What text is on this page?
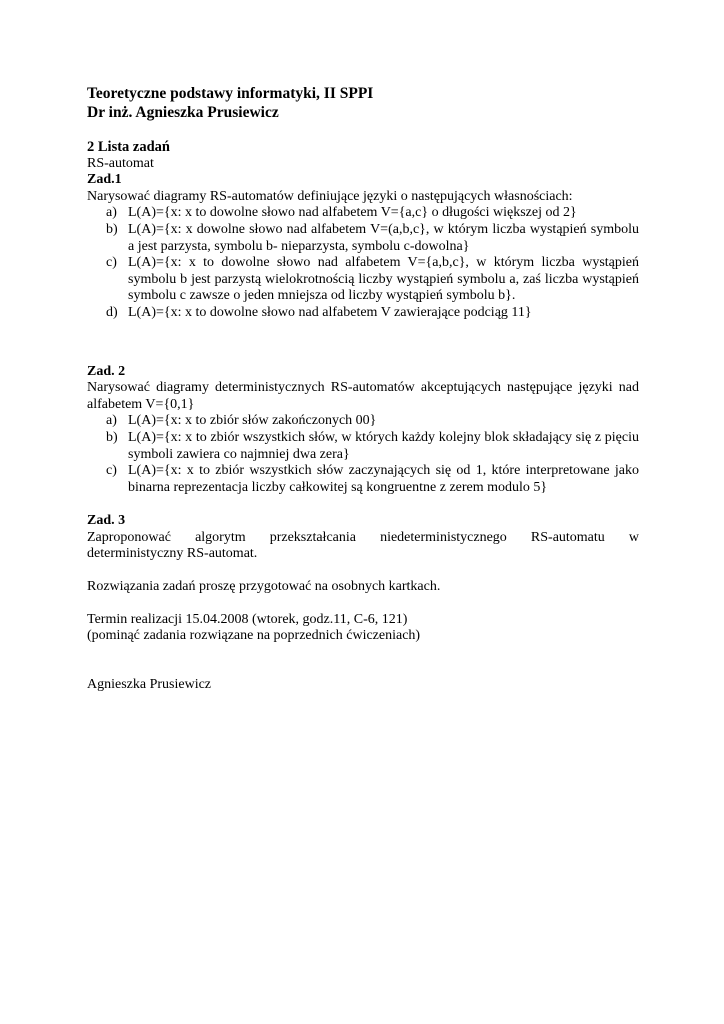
Teoretyczne podstawy informatyki, II SPPI
Dr inż. Agnieszka Prusiewicz
2 Lista zadań
RS-automat
Zad.1
Narysować diagramy RS-automatów definiujące języki o następujących własnościach:
a) L(A)={x: x to dowolne słowo nad alfabetem V={a,c} o długości większej od 2}
b) L(A)={x: x dowolne słowo nad alfabetem V=(a,b,c}, w którym liczba wystąpień symbolu a jest parzysta, symbolu b- nieparzysta, symbolu c-dowolna}
c) L(A)={x: x to dowolne słowo nad alfabetem V={a,b,c}, w którym liczba wystąpień symbolu b jest parzystą wielokrotnością liczby wystąpień symbolu a, zaś liczba wystąpień symbolu c zawsze o jeden mniejsza od liczby wystąpień symbolu b}.
d) L(A)={x: x to dowolne słowo nad alfabetem V zawierające podciąg 11}
Zad. 2
Narysować diagramy deterministycznych RS-automatów akceptujących następujące języki nad alfabetem V={0,1}
a) L(A)={x: x to zbiór słów zakończonych 00}
b) L(A)={x: x to zbiór wszystkich słów, w których każdy kolejny blok składający się z pięciu symboli zawiera co najmniej dwa zera}
c) L(A)={x: x to zbiór wszystkich słów zaczynających się od 1, które interpretowane jako binarna reprezentacja liczby całkowitej są kongruentne z zerem modulo 5}
Zad. 3
Zaproponować algorytm przekształcania niedeterministycznego RS-automatu w
deterministyczny RS-automat.
Rozwiązania zadań proszę przygotować na osobnych kartkach.
Termin realizacji 15.04.2008 (wtorek, godz.11, C-6, 121)
(pominąć zadania rozwiązane na poprzednich ćwiczeniach)
Agnieszka Prusiewicz
